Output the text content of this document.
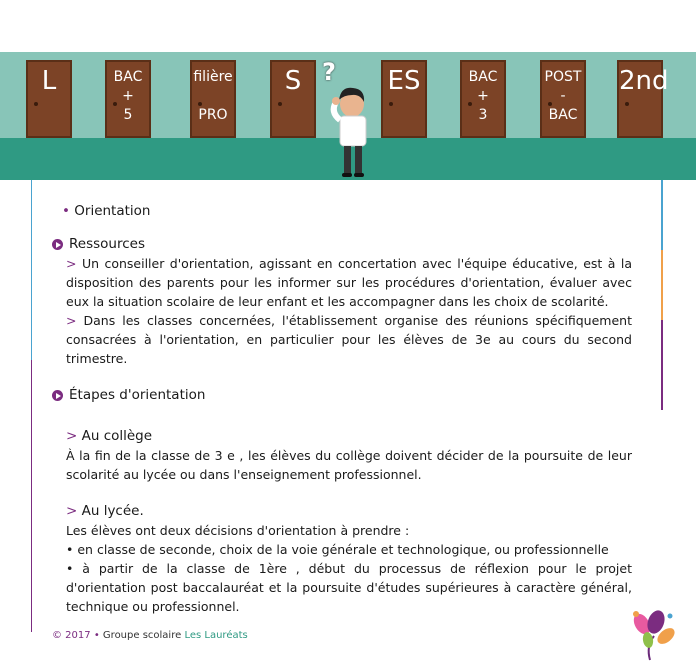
L	BAC
+
5
filière

PRO
S	ES	BAC
+
3
POST
-
BAC
2nd
?
• Orientation
Ressources

> Un conseiller d'orientation, agissant en concertation avec l'équipe éducative, est à la disposition des parents pour les informer sur les procédures d'orientation, évaluer avec eux la situation scolaire de leur enfant et les accompagner dans les choix de scolarité.

> Dans les classes concernées, l'établissement organise des réunions spécifiquement consacrées à l'orientation, en particulier pour les élèves de 3e au cours du second trimestre.

Étapes d'orientation
> Au collège

À la fin de la classe de 3 e , les élèves du collège doivent décider de la poursuite de leur scolarité au lycée ou dans l'enseignement professionnel.

> Au lycée.

Les élèves ont deux décisions d'orientation à prendre :

• en classe de seconde, choix de la voie générale et technologique, ou professionnelle

• à partir de la classe de 1ère , début du processus de réflexion pour le projet d'orientation post baccalauréat et la poursuite d'études supérieures à caractère général, technique ou professionnel.

© 2017 • Groupe scolaire Les Lauréats
